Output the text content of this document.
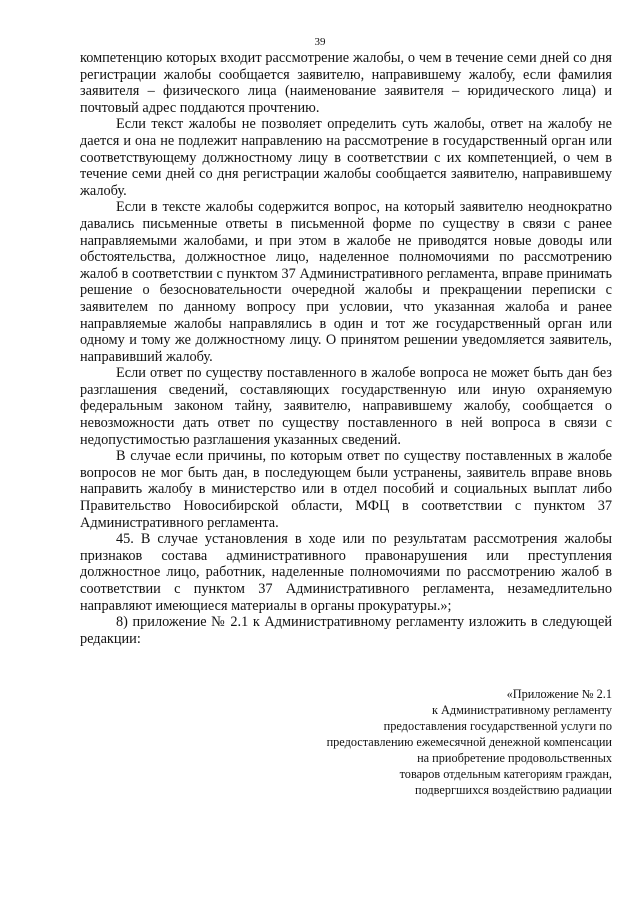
39

компетенцию которых входит рассмотрение жалобы, о чем в течение семи дней со дня регистрации жалобы сообщается заявителю, направившему жалобу, если фамилия заявителя – физического лица (наименование заявителя – юридического лица) и почтовый адрес поддаются прочтению.

Если текст жалобы не позволяет определить суть жалобы, ответ на жалобу не дается и она не подлежит направлению на рассмотрение в государственный орган или соответствующему должностному лицу в соответствии с их компетенцией, о чем в течение семи дней со дня регистрации жалобы сообщается заявителю, направившему жалобу.

Если в тексте жалобы содержится вопрос, на который заявителю неоднократно давались письменные ответы в письменной форме по существу в связи с ранее направляемыми жалобами, и при этом в жалобе не приводятся новые доводы или обстоятельства, должностное лицо, наделенное полномочиями по рассмотрению жалоб в соответствии с пунктом 37 Административного регламента, вправе принимать решение о безосновательности очередной жалобы и прекращении переписки с заявителем по данному вопросу при условии, что указанная жалоба и ранее направляемые жалобы направлялись в один и тот же государственный орган или одному и тому же должностному лицу. О принятом решении уведомляется заявитель, направивший жалобу.

Если ответ по существу поставленного в жалобе вопроса не может быть дан без разглашения сведений, составляющих государственную или иную охраняемую федеральным законом тайну, заявителю, направившему жалобу, сообщается о невозможности дать ответ по существу поставленного в ней вопроса в связи с недопустимостью разглашения указанных сведений.

В случае если причины, по которым ответ по существу поставленных в жалобе вопросов не мог быть дан, в последующем были устранены, заявитель вправе вновь направить жалобу в министерство или в отдел пособий и социальных выплат либо Правительство Новосибирской области, МФЦ в соответствии с пунктом 37 Административного регламента.

45. В случае установления в ходе или по результатам рассмотрения жалобы признаков состава административного правонарушения или преступления должностное лицо, работник, наделенные полномочиями по рассмотрению жалоб в соответствии с пунктом 37 Административного регламента, незамедлительно направляют имеющиеся материалы в органы прокуратуры.»;

8) приложение № 2.1 к Административному регламенту изложить в следующей редакции:

«Приложение № 2.1
к Административному регламенту
предоставления государственной услуги по
предоставлению ежемесячной денежной компенсации
на приобретение продовольственных
товаров отдельным категориям граждан,
подвергшихся воздействию радиации
